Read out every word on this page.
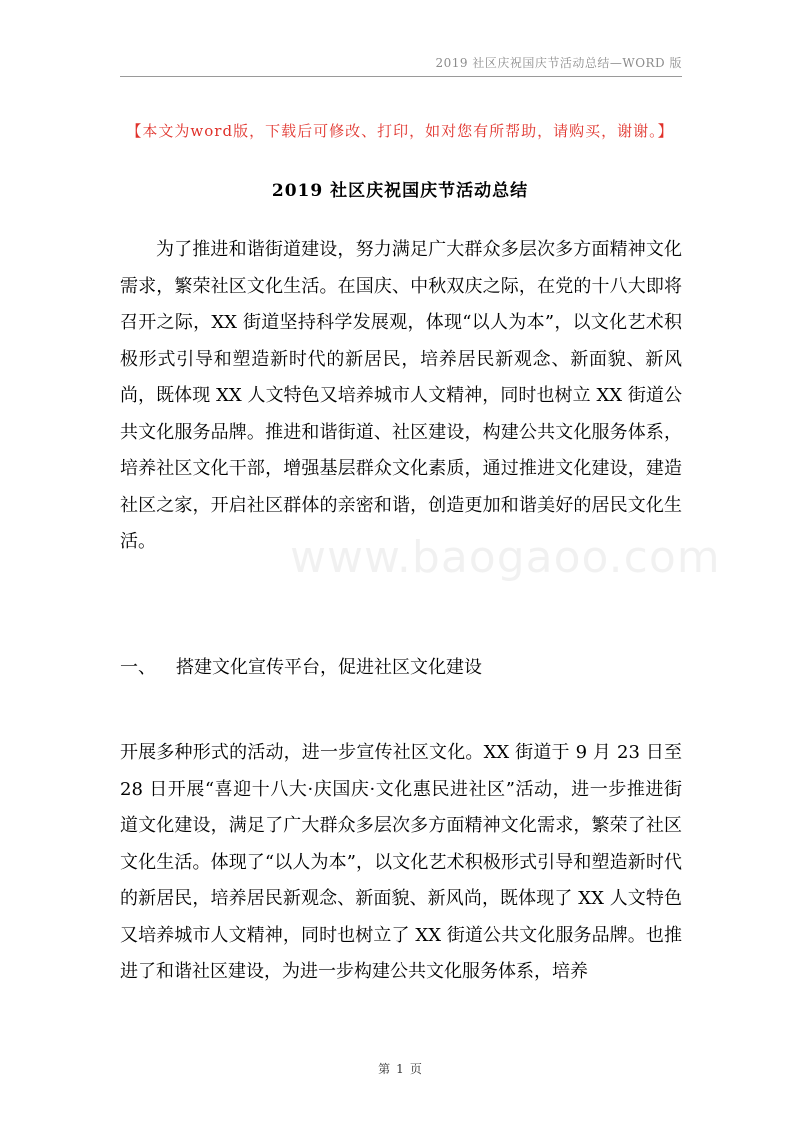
2019 社区庆祝国庆节活动总结—WORD 版
【本文为word版，下载后可修改、打印，如对您有所帮助，请购买，谢谢。】
2019 社区庆祝国庆节活动总结

为了推进和谐街道建设，努力满足广大群众多层次多方面精神文化需求，繁荣社区文化生活。在国庆、中秋双庆之际，在党的十八大即将召开之际，XX 街道坚持科学发展观，体现“以人为本”，以文化艺术积极形式引导和塑造新时代的新居民，培养居民新观念、新面貌、新风尚，既体现 XX 人文特色又培养城市人文精神，同时也树立 XX 街道公共文化服务品牌。推进和谐街道、社区建设，构建公共文化服务体系，培养社区文化干部，增强基层群众文化素质，通过推进文化建设，建造社区之家，开启社区群体的亲密和谐，创造更加和谐美好的居民文化生活。

一、 搭建文化宣传平台，促进社区文化建设

开展多种形式的活动，进一步宣传社区文化。XX 街道于 9 月 23 日至 28 日开展“喜迎十八大·庆国庆·文化惠民进社区”活动，进一步推进街道文化建设，满足了广大群众多层次多方面精神文化需求，繁荣了社区文化生活。体现了“以人为本”，以文化艺术积极形式引导和塑造新时代的新居民，培养居民新观念、新面貌、新风尚，既体现了 XX 人文特色又培养城市人文精神，同时也树立了 XX 街道公共文化服务品牌。也推进了和谐社区建设，为进一步构建公共文化服务体系，培养

www.baogaoo.com
第 1 页
